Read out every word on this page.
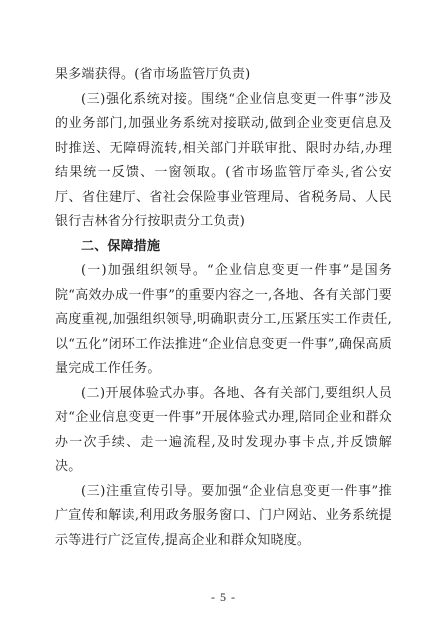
果多端获得。(省市场监管厅负责)

(三)强化系统对接。围绕“企业信息变更一件事”涉及的业务部门,加强业务系统对接联动,做到企业变更信息及时推送、无障碍流转,相关部门并联审批、限时办结,办理结果统一反馈、一窗领取。(省市场监管厅牵头,省公安厅、省住建厅、省社会保险事业管理局、省税务局、人民银行吉林省分行按职责分工负责)

二、保障措施

(一)加强组织领导。“企业信息变更一件事”是国务院“高效办成一件事”的重要内容之一,各地、各有关部门要高度重视,加强组织领导,明确职责分工,压紧压实工作责任,以“五化”闭环工作法推进“企业信息变更一件事”,确保高质量完成工作任务。

(二)开展体验式办事。各地、各有关部门,要组织人员对“企业信息变更一件事”开展体验式办理,陪同企业和群众办一次手续、走一遍流程,及时发现办事卡点,并反馈解决。

(三)注重宣传引导。要加强“企业信息变更一件事”推广宣传和解读,利用政务服务窗口、门户网站、业务系统提示等进行广泛宣传,提高企业和群众知晓度。

- 5 -
